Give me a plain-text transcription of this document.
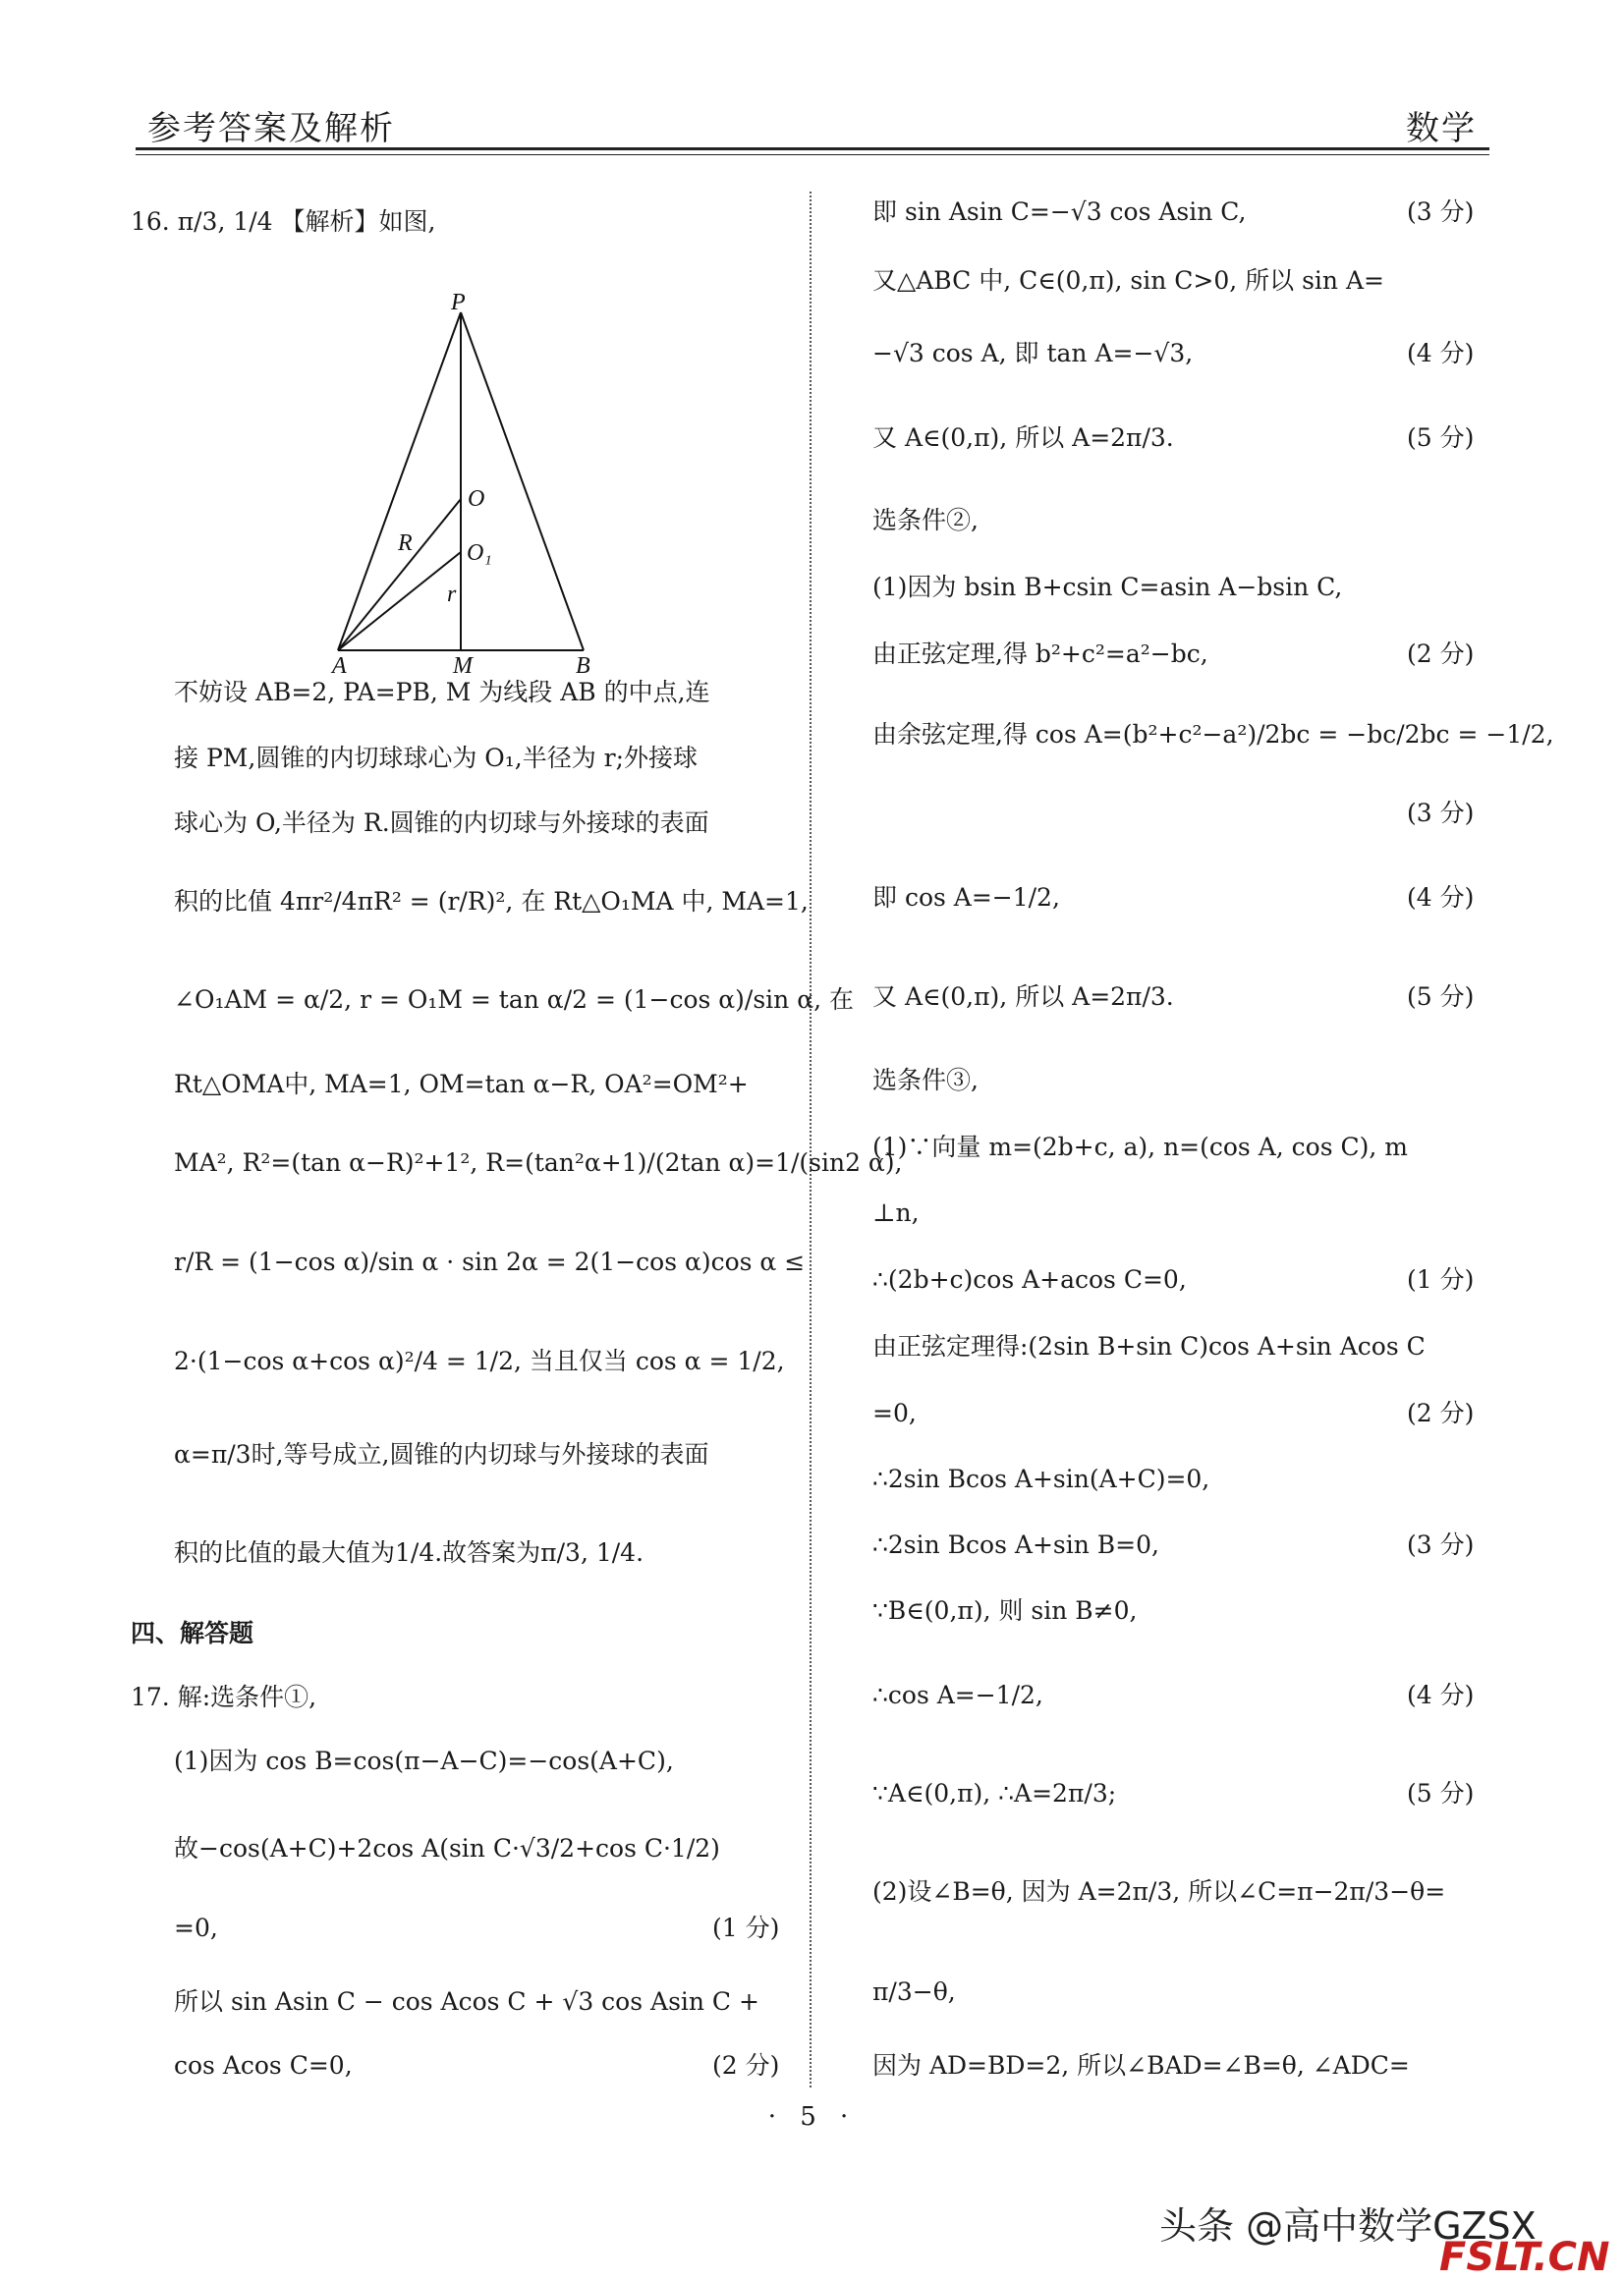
参考答案及解析	数学
P
O
O₁
R
r
A	M	B
16. π/3, 1/4 【解析】如图,
不妨设 AB=2, PA=PB, M 为线段 AB 的中点,连
接 PM,圆锥的内切球球心为 O₁,半径为 r;外接球
球心为 O,半径为 R.圆锥的内切球与外接球的表面
积的比值 4πr²/4πR² = (r/R)², 在 Rt△O₁MA 中, MA=1,
∠O₁AM = α/2, r = O₁M = tan α/2 = (1−cos α)/sin α, 在
Rt△OMA中, MA=1, OM=tan α−R, OA²=OM²+
MA², R²=(tan α−R)²+1², R=(tan²α+1)/(2tan α)=1/(sin2 α),
r/R = (1−cos α)/sin α · sin 2α = 2(1−cos α)cos α ≤
2·(1−cos α+cos α)²/4 = 1/2, 当且仅当 cos α = 1/2,
α=π/3时,等号成立,圆锥的内切球与外接球的表面
积的比值的最大值为1/4.故答案为π/3, 1/4.
四、解答题
17. 解:选条件①,
(1)因为 cos B=cos(π−A−C)=−cos(A+C),
故−cos(A+C)+2cos A(sin C·√3/2+cos C·1/2)
=0,	(1 分)
所以 sin Asin C − cos Acos C + √3 cos Asin C +
cos Acos C=0,	(2 分)
即 sin Asin C=−√3 cos Asin C,	(3 分)
又△ABC 中, C∈(0,π), sin C>0, 所以 sin A=
−√3 cos A, 即 tan A=−√3,	(4 分)
又 A∈(0,π), 所以 A=2π/3.	(5 分)
选条件②,
(1)因为 bsin B+csin C=asin A−bsin C,
由正弦定理,得 b²+c²=a²−bc,	(2 分)
由余弦定理,得 cos A=(b²+c²−a²)/2bc = −bc/2bc = −1/2,
(3 分)
即 cos A=−1/2,	(4 分)
又 A∈(0,π), 所以 A=2π/3.	(5 分)
选条件③,
(1)∵向量 m=(2b+c, a), n=(cos A, cos C), m
⊥n,
∴(2b+c)cos A+acos C=0,	(1 分)
由正弦定理得:(2sin B+sin C)cos A+sin Acos C
=0,	(2 分)
∴2sin Bcos A+sin(A+C)=0,
∴2sin Bcos A+sin B=0,	(3 分)
∵B∈(0,π), 则 sin B≠0,
∴cos A=−1/2,	(4 分)
∵A∈(0,π), ∴A=2π/3;	(5 分)
(2)设∠B=θ, 因为 A=2π/3, 所以∠C=π−2π/3−θ=
π/3−θ,
因为 AD=BD=2, 所以∠BAD=∠B=θ, ∠ADC=
· 5 ·
头条 @高中数学GZSX
FSLT.CN
